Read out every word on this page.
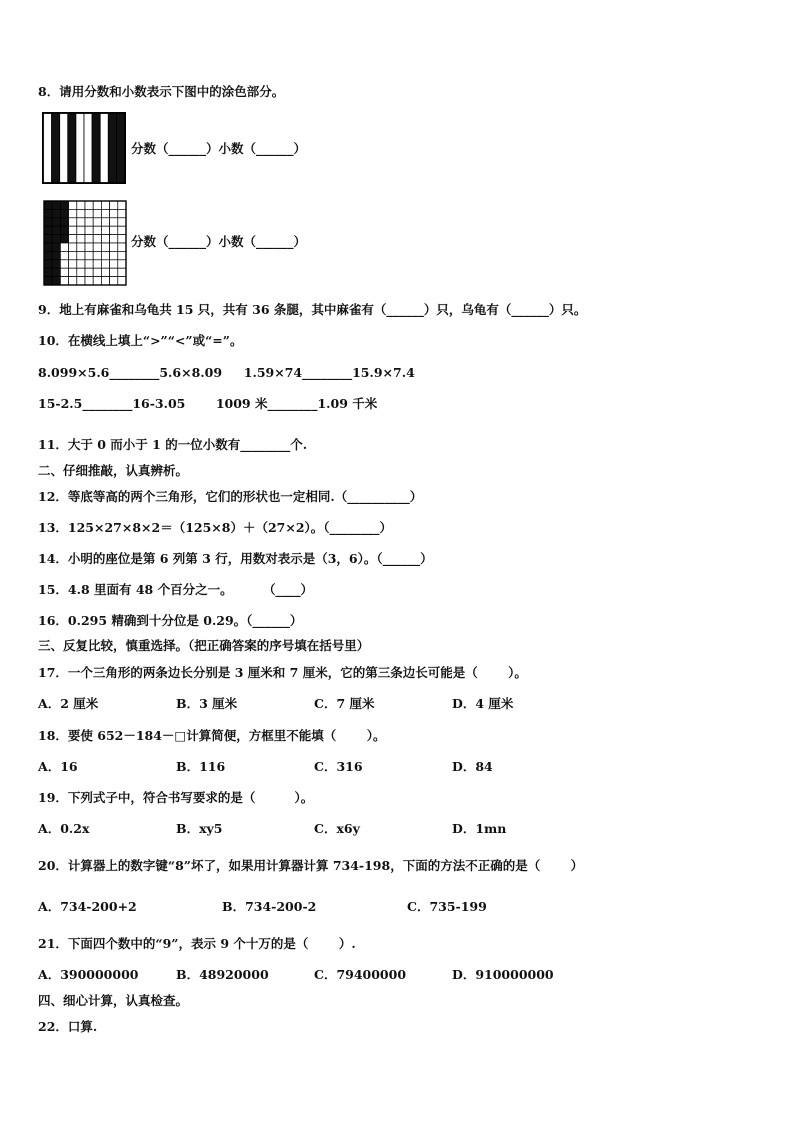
8．请用分数和小数表示下图中的涂色部分。
分数（______）小数（______）
分数（______）小数（______）
9．地上有麻雀和乌龟共 15 只，共有 36 条腿，其中麻雀有（______）只，乌龟有（______）只。
10．在横线上填上“>”“<”或“=”。
8.099×5.6________5.6×8.09     1.59×74________15.9×7.4
15-2.5________16-3.05       1009 米________1.09 千米
11．大于 0 而小于 1 的一位小数有________个.
二、仔细推敲，认真辨析。
12．等底等高的两个三角形，它们的形状也一定相同.（__________）
13．125×27×8×2＝（125×8）＋（27×2）。（________）
14．小明的座位是第 6 列第 3 行，用数对表示是（3，6）。（______）
15．4.8 里面有 48 个百分之一。       （____）
16．0.295 精确到十分位是 0.29。（______）
三、反复比较，慎重选择。（把正确答案的序号填在括号里）
17．一个三角形的两条边长分别是 3 厘米和 7 厘米，它的第三条边长可能是（       ）。
A．2 厘米	B．3 厘米	C．7 厘米	D．4 厘米
18．要使 652－184－□计算简便，方框里不能填（       ）。
A．16	B．116	C．316	D．84
19．下列式子中，符合书写要求的是（         ）。
A．0.2x	B．xy5	C．x6y	D．1mn
20．计算器上的数字键“8”坏了，如果用计算器计算 734-198，下面的方法不正确的是（       ）
A．734-200+2	B．734-200-2	C．735-199
21．下面四个数中的“9”，表示 9 个十万的是（       ）.
A．390000000	B．48920000	C．79400000	D．910000000
四、细心计算，认真检查。
22．口算.
